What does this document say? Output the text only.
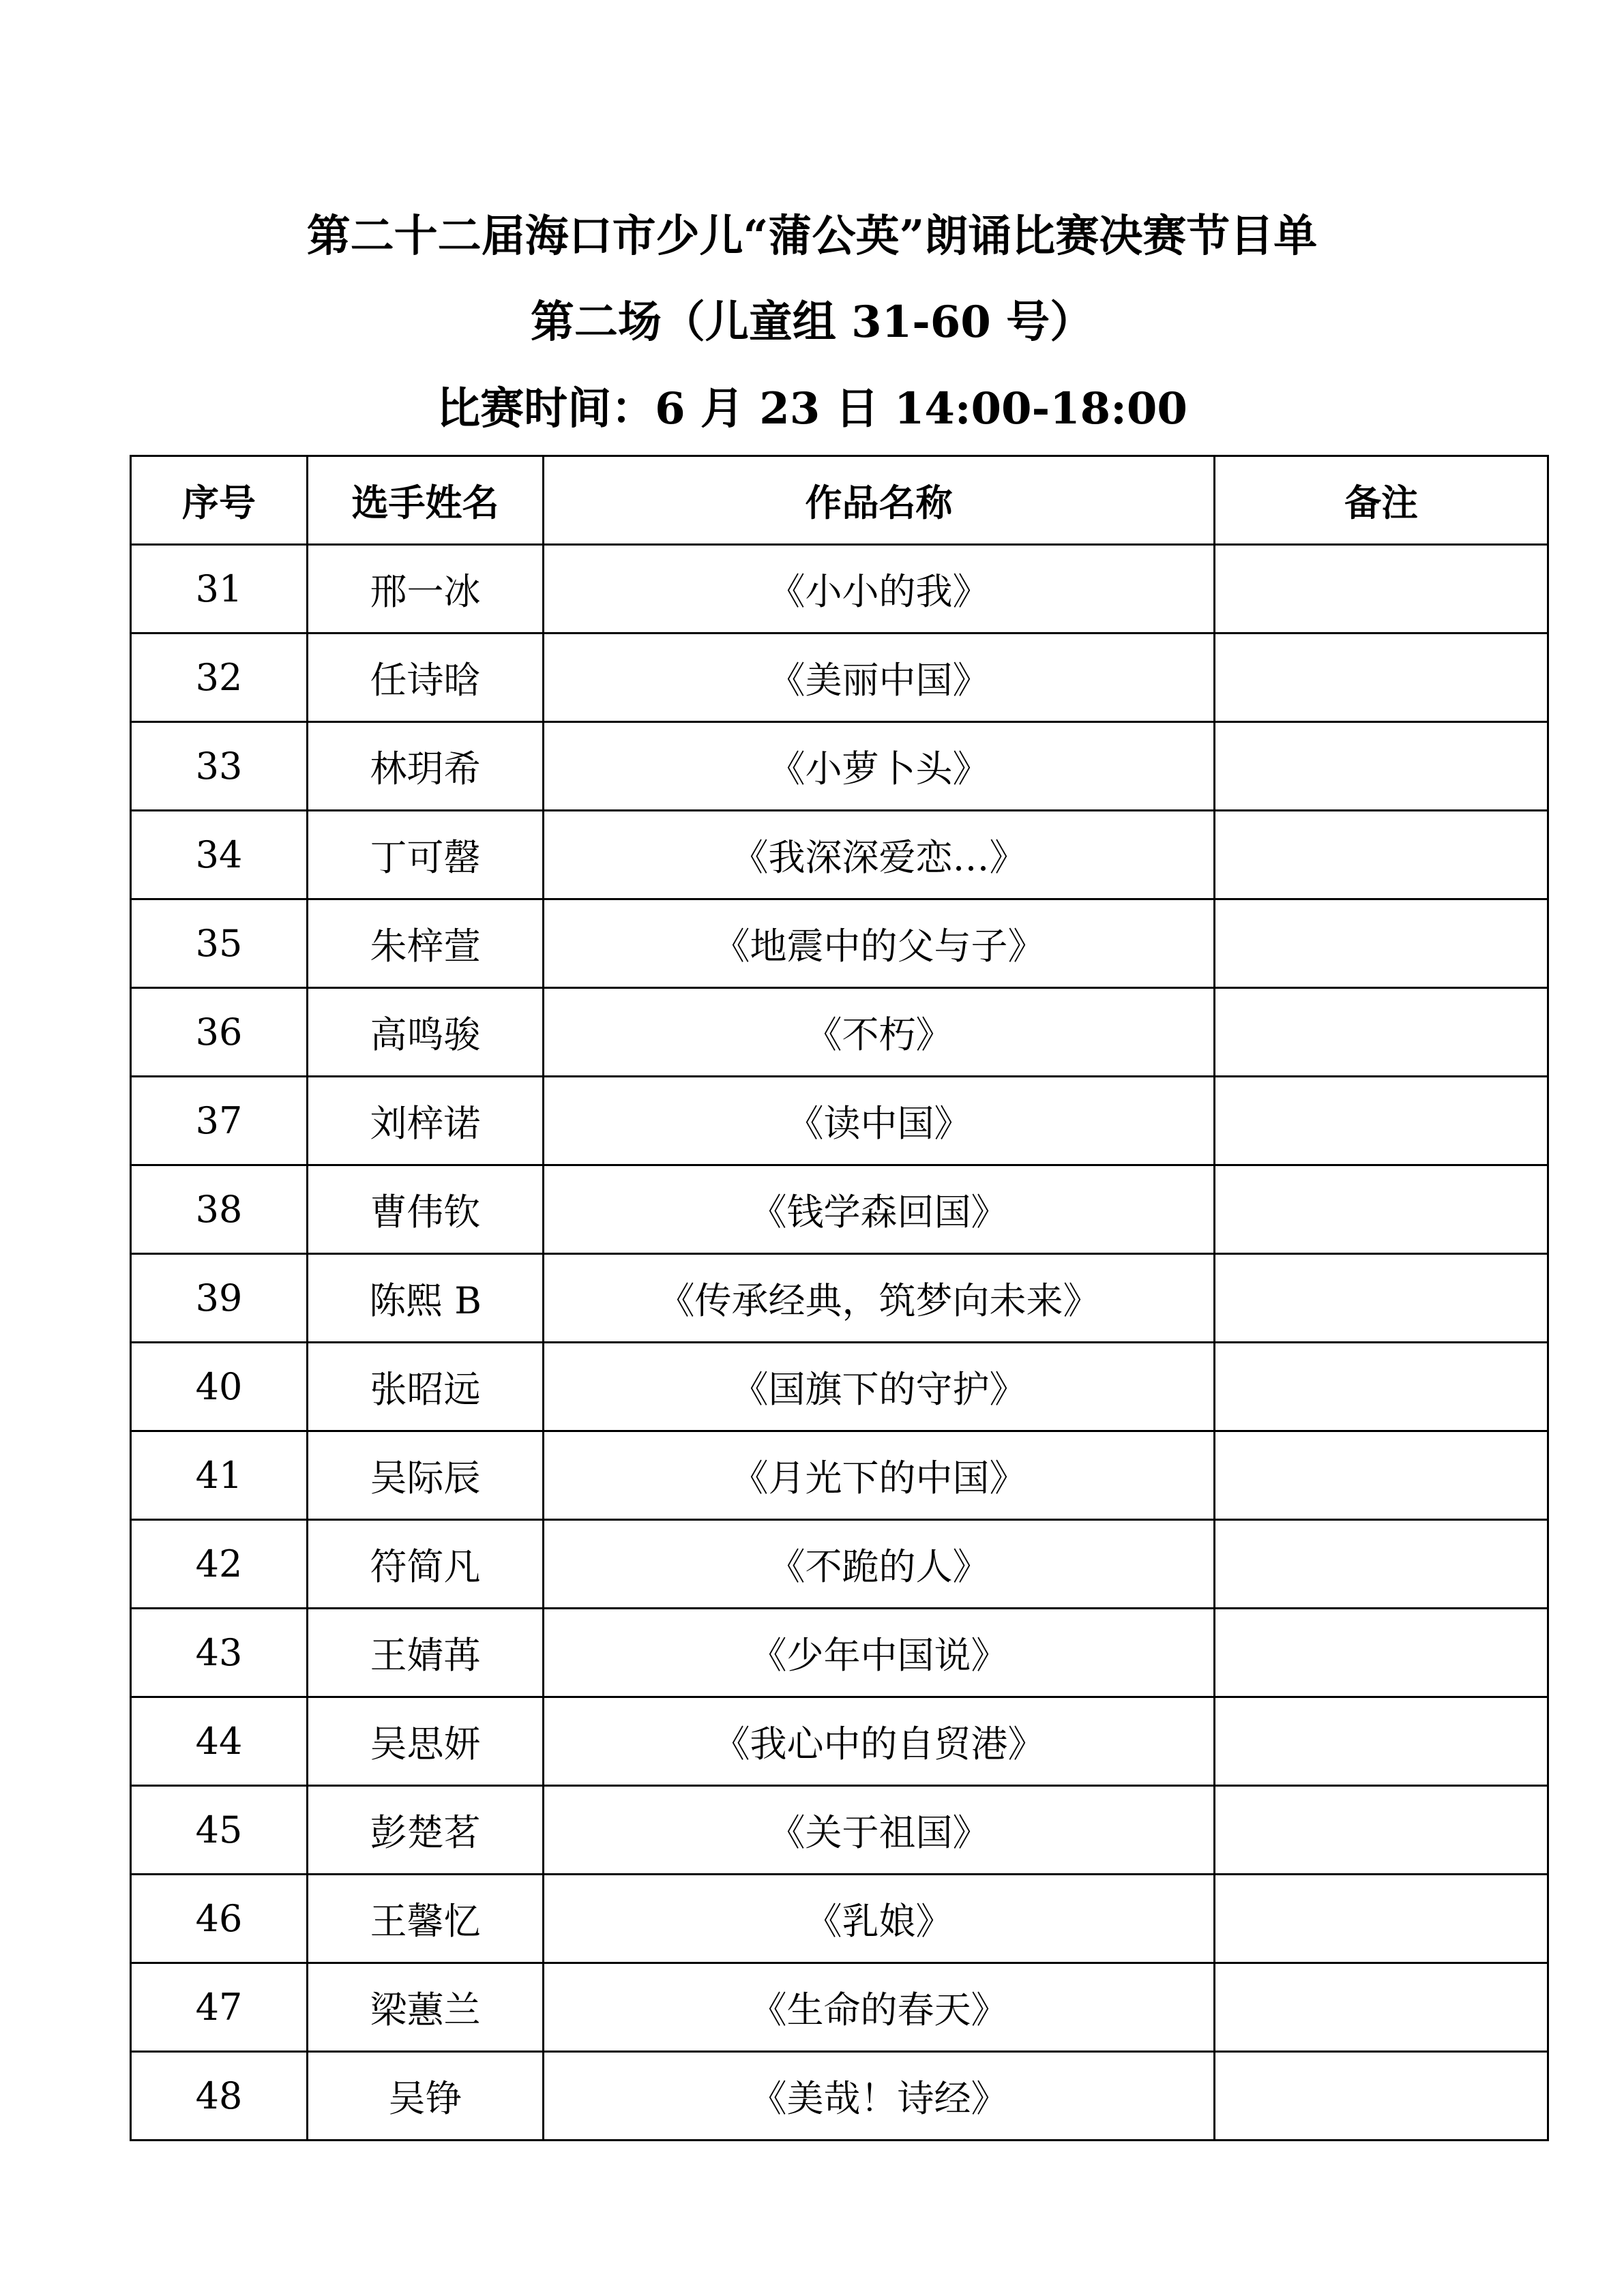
第二十二届海口市少儿“蒲公英”朗诵比赛决赛节目单
第二场（儿童组 31-60 号）
比赛时间：6 月 23 日 14:00-18:00
序号	选手姓名	作品名称	备注
31	邢一冰	《小小的我》	
32	任诗晗	《美丽中国》	
33	林玥希	《小萝卜头》	
34	丁可罄	《我深深爱恋…》	
35	朱梓萱	《地震中的父与子》	
36	高鸣骏	《不朽》	
37	刘梓诺	《读中国》	
38	曹伟钦	《钱学森回国》	
39	陈熙 B	《传承经典，筑梦向未来》	
40	张昭远	《国旗下的守护》	
41	吴际辰	《月光下的中国》	
42	符简凡	《不跪的人》	
43	王婧苒	《少年中国说》	
44	吴思妍	《我心中的自贸港》	
45	彭楚茗	《关于祖国》	
46	王馨忆	《乳娘》	
47	梁蕙兰	《生命的春天》	
48	吴铮	《美哉！诗经》	
